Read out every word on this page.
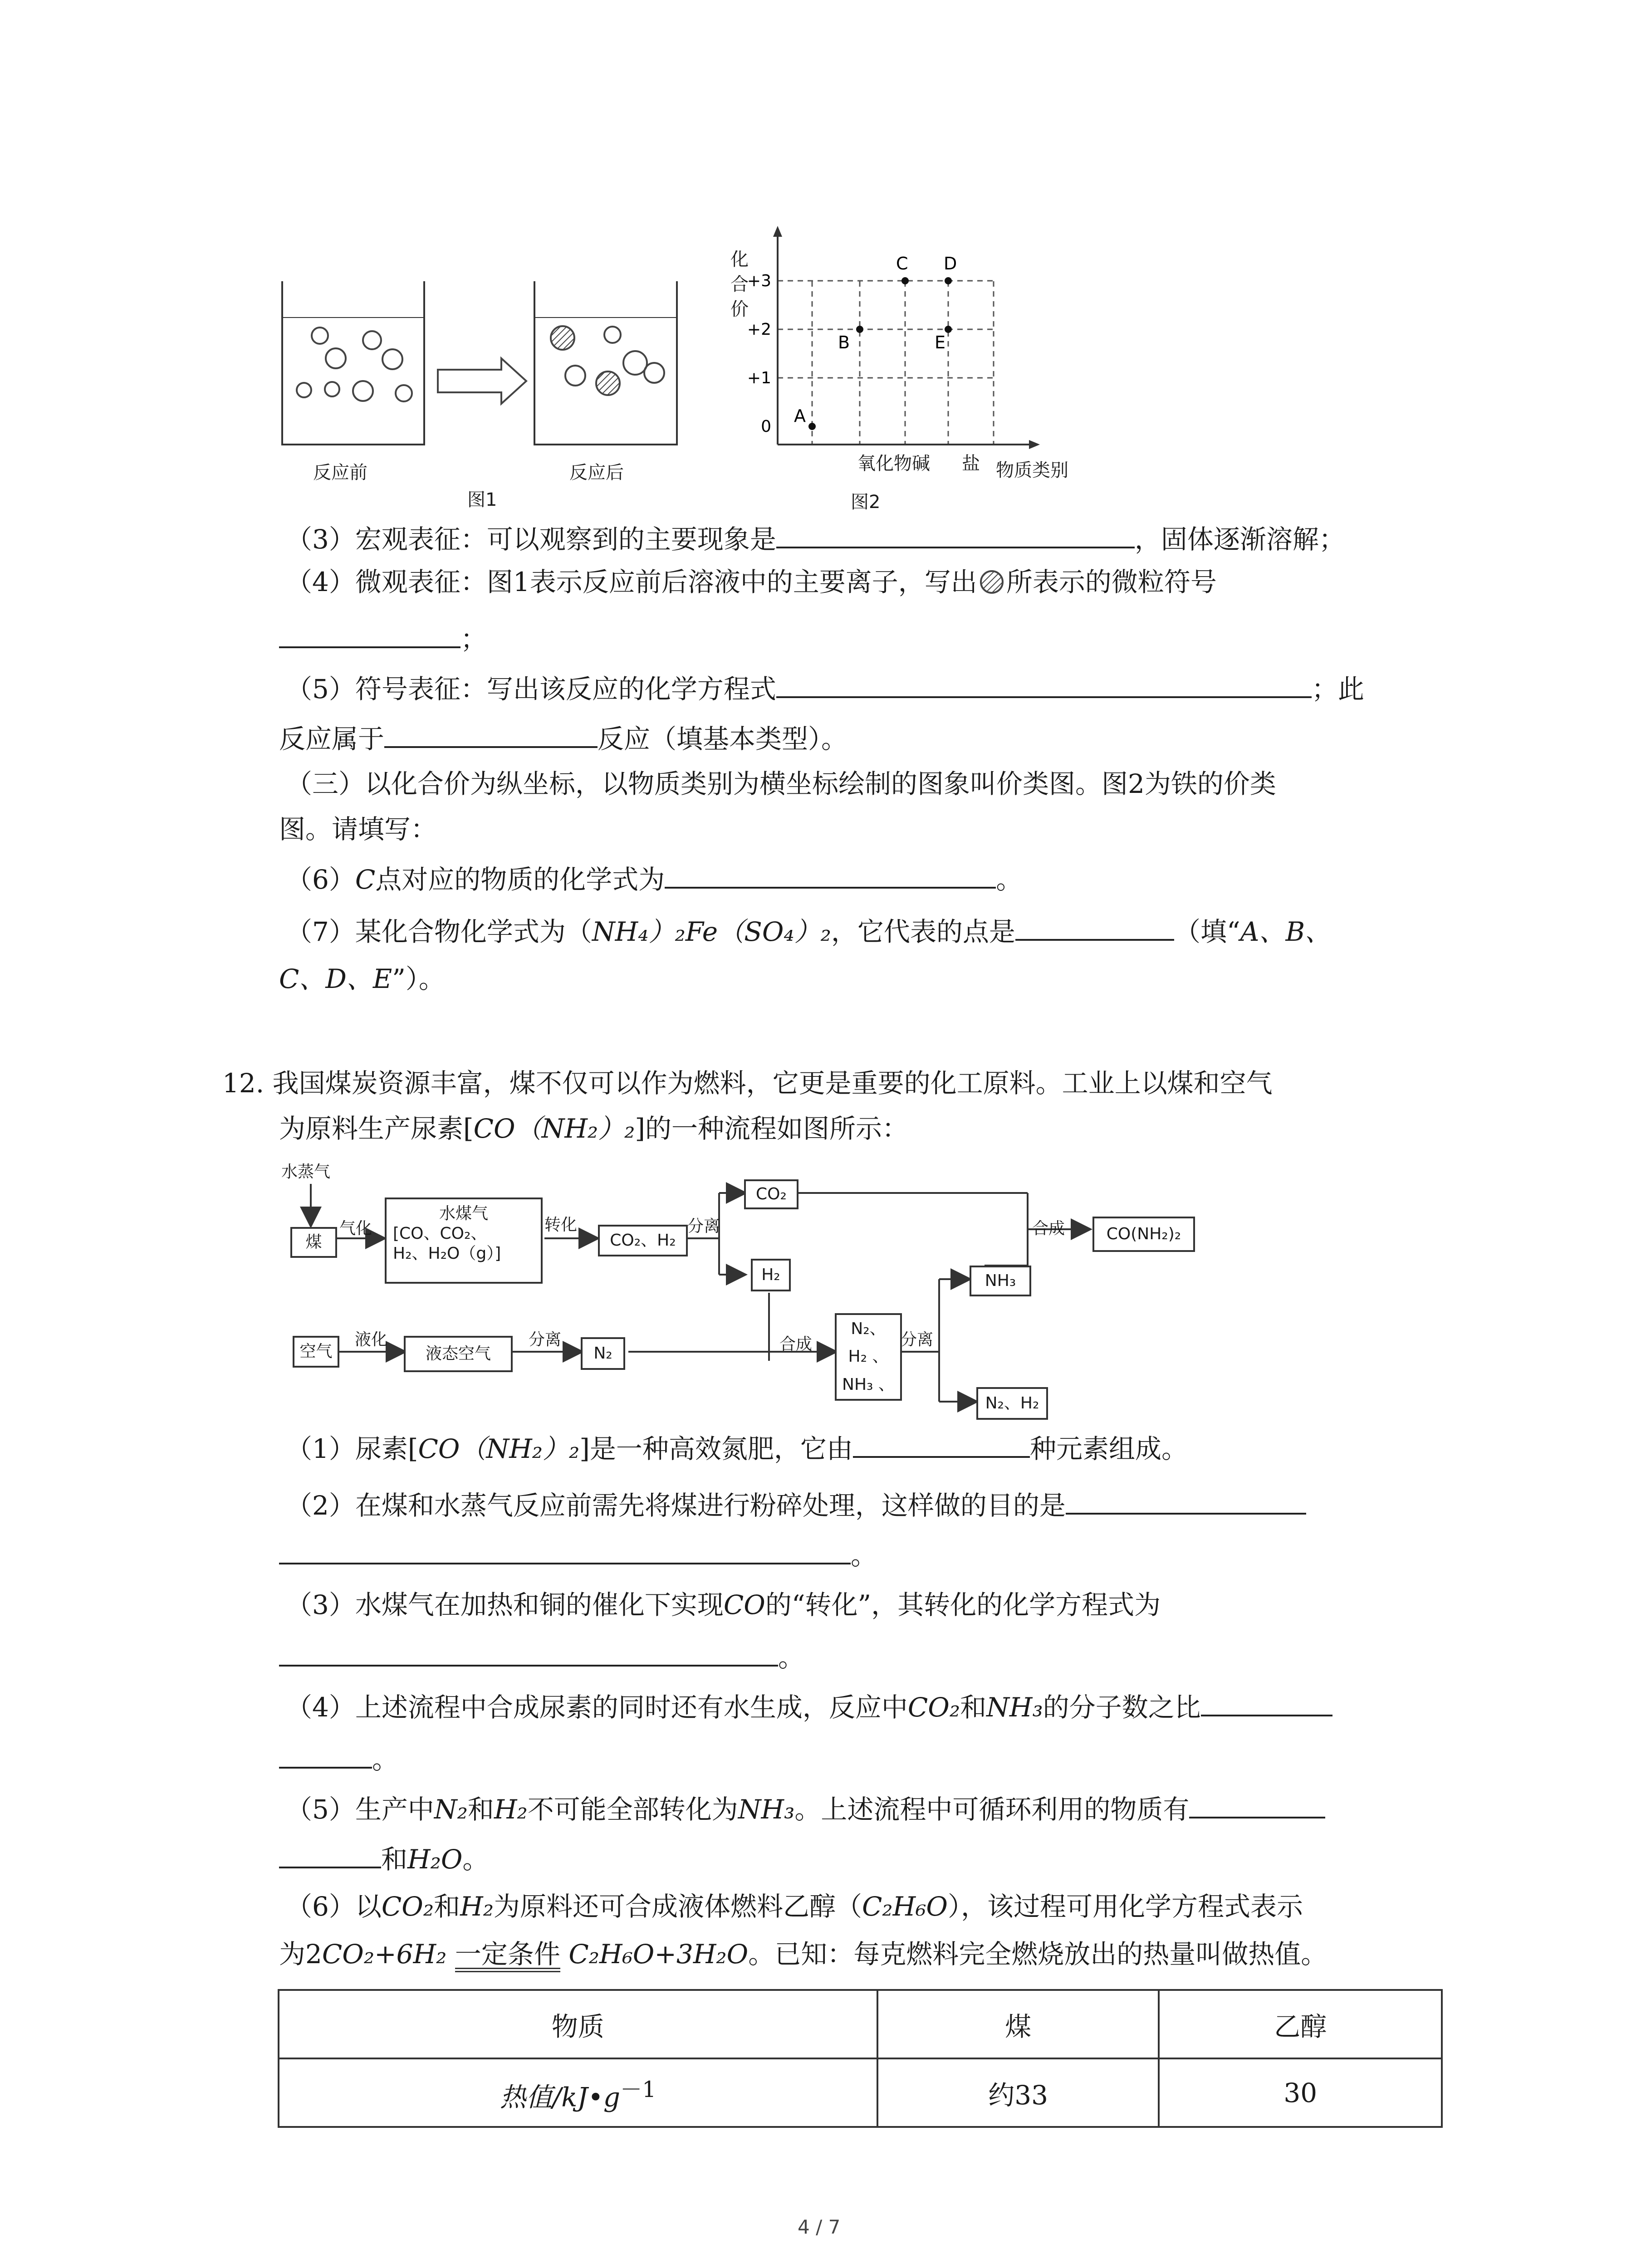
反应前	反应后
图1
+3
+2
+1
0
A
B
C D
E
化
合
价
氧化物 碱 盐 物质类别
图2
（3）宏观表征：可以观察到的主要现象是	，固体逐渐溶解；
（4）微观表征：图1表示反应前后溶液中的主要离子，写出 所表示的微粒符号
；
（5）符号表征：写出该反应的化学方程式	；此
反应属于	反应（填基本类型）。
（三）以化合价为纵坐标，以物质类别为横坐标绘制的图象叫价类图。图2为铁的价类
图。请填写：
（6）C点对应的物质的化学式为	。
（7）某化合物化学式为（NH₄）₂Fe（SO₄）₂，它代表的点是	（填“A、B、
C、D、E”）。
12. 我国煤炭资源丰富，煤不仅可以作为燃料，它更是重要的化工原料。工业上以煤和空气
为原料生产尿素[CO（NH₂）₂]的一种流程如图所示：
水蒸气
煤
气化
水煤气
[CO、CO₂、
H₂、H₂O（g）]
转化
CO₂、H₂
分离
CO₂
H₂
合成	CO(NH₂)₂
空气
液化
液态空气
分离
N₂	合成
N₂、
H₂ 、
NH₃ 、
分离
NH₃
N₂、H₂
（1）尿素[CO（NH₂）₂]是一种高效氮肥，它由	种元素组成。
（2）在煤和水蒸气反应前需先将煤进行粉碎处理，这样做的目的是
。
（3）水煤气在加热和铜的催化下实现CO的“转化”，其转化的化学方程式为
。
（4）上述流程中合成尿素的同时还有水生成，反应中CO₂和NH₃的分子数之比
。
（5）生产中N₂和H₂不可能全部转化为NH₃。上述流程中可循环利用的物质有
和H₂O。
（6）以CO₂和H₂为原料还可合成液体燃料乙醇（C₂H₆O），该过程可用化学方程式表示
为2CO₂+6H₂ 一定条件 C₂H₆O+3H₂O。已知：每克燃料完全燃烧放出的热量叫做热值。
物质	煤	乙醇
热值$/kJ•g^{-1}$	约33	30
4 / 7
